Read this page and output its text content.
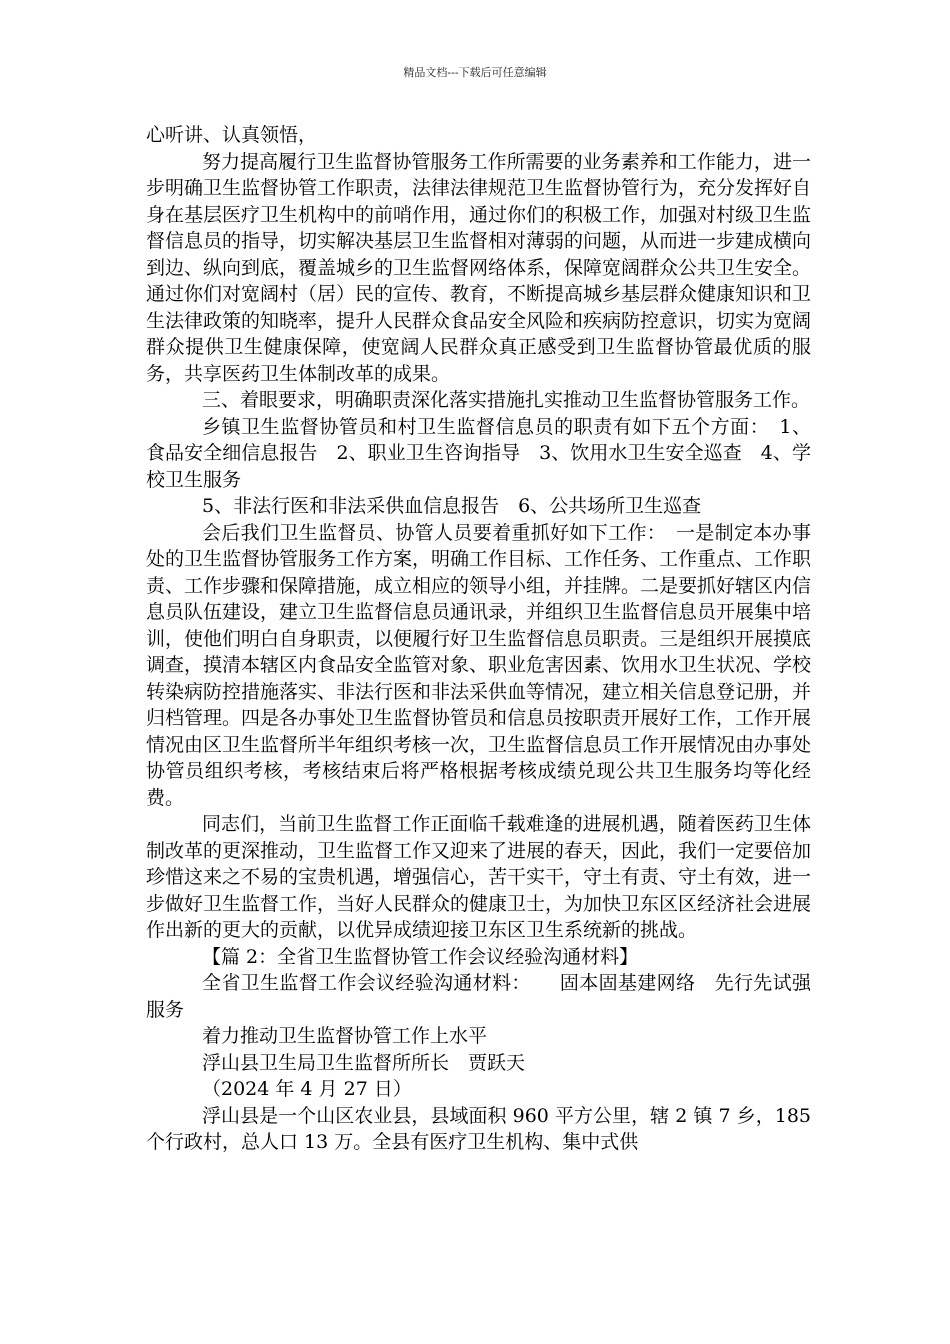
精品文档---下载后可任意编辑

心听讲、认真领悟，

努力提高履行卫生监督协管服务工作所需要的业务素养和工作能力，进一步明确卫生监督协管工作职责，法律法律规范卫生监督协管行为，充分发挥好自身在基层医疗卫生机构中的前哨作用，通过你们的积极工作，加强对村级卫生监督信息员的指导，切实解决基层卫生监督相对薄弱的问题，从而进一步建成横向到边、纵向到底，覆盖城乡的卫生监督网络体系，保障宽阔群众公共卫生安全。通过你们对宽阔村（居）民的宣传、教育，不断提高城乡基层群众健康知识和卫生法律政策的知晓率，提升人民群众食品安全风险和疾病防控意识，切实为宽阔群众提供卫生健康保障，使宽阔人民群众真正感受到卫生监督协管最优质的服务，共享医药卫生体制改革的成果。

三、着眼要求，明确职责深化落实措施扎实推动卫生监督协管服务工作。

乡镇卫生监督协管员和村卫生监督信息员的职责有如下五个方面：　1、食品安全细信息报告　2、职业卫生咨询指导　3、饮用水卫生安全巡查　4、学校卫生服务

5、非法行医和非法采供血信息报告　6、公共场所卫生巡查

会后我们卫生监督员、协管人员要着重抓好如下工作：　一是制定本办事处的卫生监督协管服务工作方案，明确工作目标、工作任务、工作重点、工作职责、工作步骤和保障措施，成立相应的领导小组，并挂牌。二是要抓好辖区内信息员队伍建设，建立卫生监督信息员通讯录，并组织卫生监督信息员开展集中培训，使他们明白自身职责，以便履行好卫生监督信息员职责。三是组织开展摸底调查，摸清本辖区内食品安全监管对象、职业危害因素、饮用水卫生状况、学校转染病防控措施落实、非法行医和非法采供血等情况，建立相关信息登记册，并归档管理。四是各办事处卫生监督协管员和信息员按职责开展好工作，工作开展情况由区卫生监督所半年组织考核一次，卫生监督信息员工作开展情况由办事处协管员组织考核，考核结束后将严格根据考核成绩兑现公共卫生服务均等化经费。

同志们，当前卫生监督工作正面临千载难逢的进展机遇，随着医药卫生体制改革的更深推动，卫生监督工作又迎来了进展的春天，因此，我们一定要倍加珍惜这来之不易的宝贵机遇，增强信心，苦干实干，守土有责、守土有效，进一步做好卫生监督工作，当好人民群众的健康卫士，为加快卫东区区经济社会进展作出新的更大的贡献，以优异成绩迎接卫东区卫生系统新的挑战。

【篇 2：全省卫生监督协管工作会议经验沟通材料】

全省卫生监督工作会议经验沟通材料：　　固本固基建网络　先行先试强服务

着力推动卫生监督协管工作上水平

浮山县卫生局卫生监督所所长　贾跃天

（2024 年 4 月 27 日）

浮山县是一个山区农业县，县域面积 960 平方公里，辖 2 镇 7 乡，185 个行政村，总人口 13 万。全县有医疗卫生机构、集中式供
